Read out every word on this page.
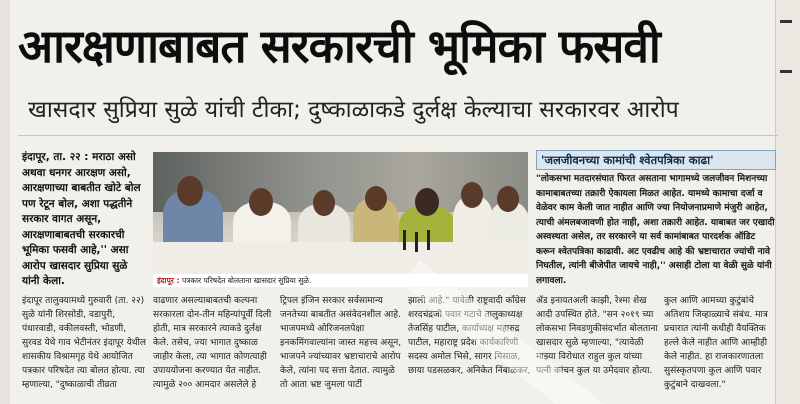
आरक्षणाबाबत सरकारची भूमिका फसवी
खासदार सुप्रिया सुळे यांची टीका; दुष्काळाकडे दुर्लक्ष केल्याचा सरकारवर आरोप
इंदापूर, ता. २२ : मराठा असो अथवा धनगर आरक्षण असो, आरक्षणाच्या बाबतीत खोटे बोल पण रेटून बोल, अशा पद्धतीने सरकार वागत असून, आरक्षणाबाबतची सरकारची भूमिका फसवी आहे,'' असा आरोप खासदार सुप्रिया सुळे यांनी केला.	इंदापूर : पत्रकार परिषदेत बोलताना खासदार सुप्रिया सुळे.
'जलजीवनच्या कामांची श्वेतपत्रिका काढा'
"लोकसभा मतदारसंघात फिरत असताना भागामध्ये जलजीवन मिशनच्या कामाबाबतच्या तक्रारी ऐकायला मिळत आहेत. यामध्ये कामाचा दर्जा व वेळेवर काम केली जात नाहीत आणि ज्या नियोजनाप्रमाणे मंजुरी आहेत, त्याची अंमलबजावणी होत नाही, अशा तक्रारी आहेत. याबाबत जर एखादी अस्वस्थता असेल, तर सरकारने या सर्व कामांबाबत पारदर्शक ऑडिट करून श्वेतपत्रिका काढावी. अट एवढीच आहे की भ्रष्टाचारात ज्यांची नावे निघतील, त्यांनी बीजेपीत जायचे नाही,'' असाही टोला या वेळी सुळे यांनी लगावला.
इंदापूर तालुक्यामध्ये गुरुवारी (ता. २२) सुळे यांनी शिरसोडी, वडापुरी, पंधारवाडी, वकीलवस्ती, भोडणी, सुरवड येथे गाव भेटीनंतर इंदापूर येथील शासकीय विश्रामगृह येथे आयोजित पत्रकार परिषदेत त्या बोलत होत्या. त्या म्हणाल्या, "दुष्काळाची तीव्रता
वाढणार असल्याबाबतची कल्पना सरकारला दोन-तीन महिन्यांपूर्वी दिली होती, मात्र सरकारने त्याकडे दुर्लक्ष केले. तसेच, ज्या भागात दुष्काळ जाहीर केला, त्या भागात कोणत्याही उपाययोजना करण्यात येत नाहीत. त्यामुळे २०० आमदार असलेले हे
ट्रिपल इंजिन सरकार सर्वसामान्य जनतेच्या बाबतीत असंवेदनशील आहे. भाजपमध्ये ओरिजनलपेक्षा इनकमिंगवाल्यांना जास्त महत्त्व असून, भाजपने ज्यांच्यावर भ्रष्टाचाराचे आरोप केले, त्यांना पद सत्ता देतात. त्यामुळे तो आता भ्रष्ट जुमला पार्टी
झाली आहे." यावेळी राष्ट्रवादी काँग्रेस शरदचंद्रजी पवार गटाचे तालुकाध्यक्ष तेजसिंह पाटील, कार्याध्यक्ष महारुद्र पाटील, महाराष्ट्र प्रदेश कार्यकारिणी सदस्य अमोल भिसे, सागर मिसाळ, छाया पडसळकर, अनिकेत निंबाळकर,
ॲड इनायतअली काझी, रेश्मा शेख आदी उपस्थित होते. "सन २०१९ च्या लोकसभा निवडणुकीसंदर्भात बोलताना खासदार सुळे म्हणाल्या, "त्यावेळी माझ्या विरोधात राहुल कुल यांच्या पत्नी कांचन कुल या उमेदवार होत्या.
कुल आणि आमच्या कुटुंबांचे अतिशय जिव्हाळ्याचे संबंध. मात्र प्रचारात त्यांनी कधीही वैयक्तिक हल्ले केले नाहीत आणि आम्हीही केले नाहीत. हा राजकारणातला सुसंस्कृतपणा कुल आणि पवार कुटुंबाने दाखवला."
